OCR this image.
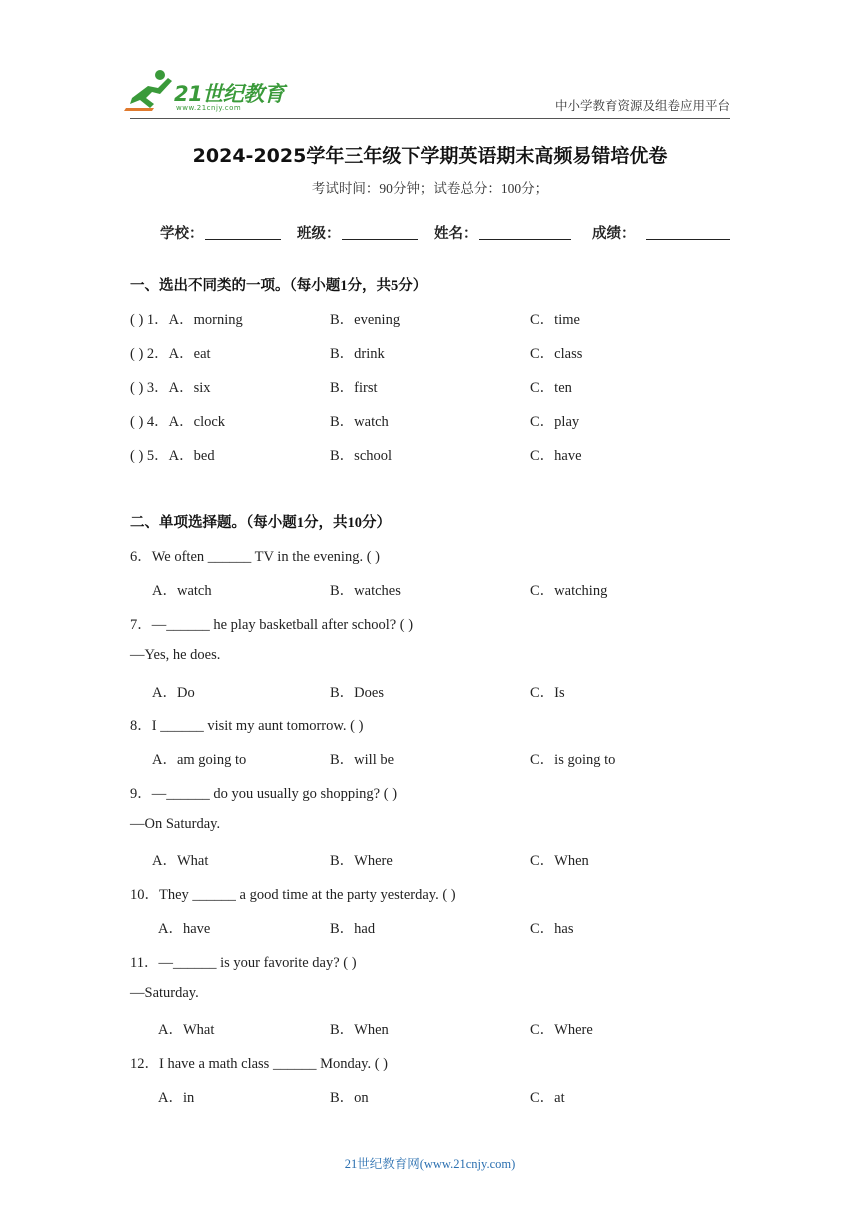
21世纪教育
www.21cnjy.com	中小学教育资源及组卷应用平台
2024-2025学年三年级下学期英语期末高频易错培优卷
考试时间：90分钟；试卷总分：100分；
学校：	班级：	姓名：	成绩：
一、选出不同类的一项。（每小题1分，共5分）
( ) 1．A．morning	B．evening	C．time
( ) 2．A．eat	B．drink	C．class
( ) 3．A．six	B．first	C．ten
( ) 4．A．clock	B．watch	C．play
( ) 5．A．bed	B．school	C．have
二、单项选择题。（每小题1分，共10分）
6．We often ______ TV in the evening. ( )
A．watch	B．watches	C．watching
7．—______ he play basketball after school? ( )
—Yes, he does.
A．Do	B．Does	C．Is
8．I ______ visit my aunt tomorrow. ( )
A．am going to	B．will be	C．is going to
9．—______ do you usually go shopping? ( )
—On Saturday.
A．What	B．Where	C．When
10．They ______ a good time at the party yesterday. ( )
A．have	B．had	C．has
11．—______ is your favorite day? ( )
—Saturday.
A．What	B．When	C．Where
12．I have a math class ______ Monday. ( )
A．in	B．on	C．at
21世纪教育网(www.21cnjy.com)
